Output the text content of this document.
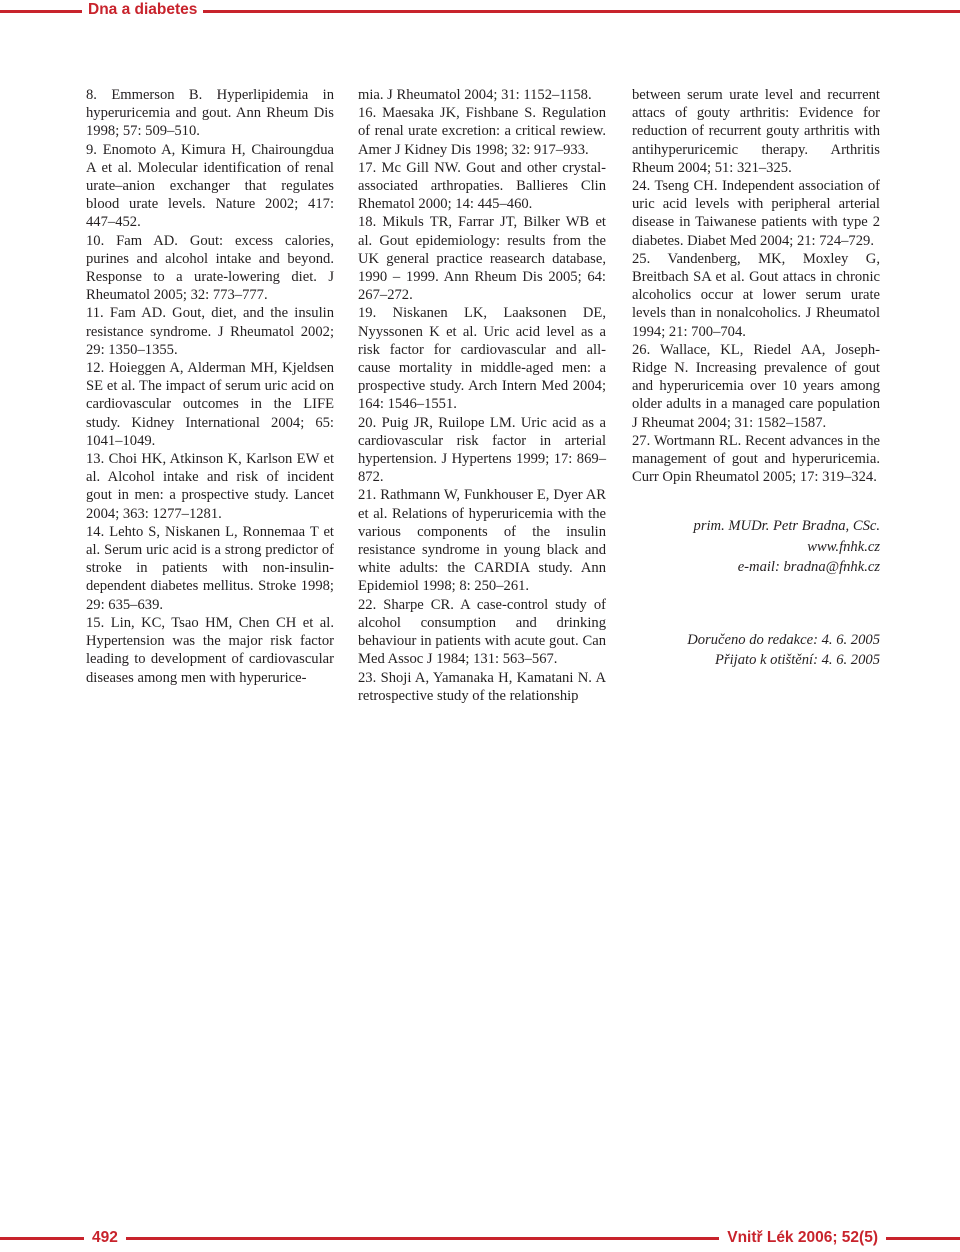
Dna a diabetes

8. Emmerson B. Hyperlipidemia in hyperuricemia and gout. Ann Rheum Dis 1998; 57: 509–510.

9. Enomoto A, Kimura H, Chairoungdua A et al. Molecular identification of renal urate–anion exchanger that regulates blood urate levels. Nature 2002; 417: 447–452.

10. Fam AD. Gout: excess calories, purines and alcohol intake and beyond. Response to a urate-lowering diet. J Rheumatol 2005; 32: 773–777.

11. Fam AD. Gout, diet, and the insulin resistance syndrome. J Rheumatol 2002; 29: 1350–1355.

12. Hoieggen A, Alderman MH, Kjeldsen SE et al. The impact of serum uric acid on cardiovascular outcomes in the LIFE study. Kidney International 2004; 65: 1041–1049.

13. Choi HK, Atkinson K, Karlson EW et al. Alcohol intake and risk of incident gout in men: a prospective study. Lancet 2004; 363: 1277–1281.

14. Lehto S, Niskanen L, Ronnemaa T et al. Serum uric acid is a strong predictor of stroke in patients with non-insulin-dependent diabetes mellitus. Stroke 1998; 29: 635–639.

15. Lin, KC, Tsao HM, Chen CH et al. Hypertension was the major risk factor leading to development of cardiovascular diseases among men with hyperurice-

mia. J Rheumatol 2004; 31: 1152–1158.

16. Maesaka JK, Fishbane S. Regulation of renal urate excretion: a critical rewiew. Amer J Kidney Dis 1998; 32: 917–933.

17. Mc Gill NW. Gout and other crystal-associated arthropaties. Ballieres Clin Rhematol 2000; 14: 445–460.

18. Mikuls TR, Farrar JT, Bilker WB et al. Gout epidemiology: results from the UK general practice reasearch database, 1990 – 1999. Ann Rheum Dis 2005; 64: 267–272.

19. Niskanen LK, Laaksonen DE, Nyyssonen K et al. Uric acid level as a risk factor for cardiovascular and all-cause mortality in middle-aged men: a prospective study. Arch Intern Med 2004; 164: 1546–1551.

20. Puig JR, Ruilope LM. Uric acid as a cardiovascular risk factor in arterial hypertension. J Hypertens 1999; 17: 869–872.

21. Rathmann W, Funkhouser E, Dyer AR et al. Relations of hyperuricemia with the various components of the insulin resistance syndrome in young black and white adults: the CARDIA study. Ann Epidemiol 1998; 8: 250–261.

22. Sharpe CR. A case-control study of alcohol consumption and drinking behaviour in patients with acute gout. Can Med Assoc J 1984; 131: 563–567.

23. Shoji A, Yamanaka H, Kamatani N. A retrospective study of the relationship

between serum urate level and recurrent attacs of gouty arthritis: Evidence for reduction of recurrent gouty arthritis with antihyperuricemic therapy. Arthritis Rheum 2004; 51: 321–325.

24. Tseng CH. Independent association of uric acid levels with peripheral arterial disease in Taiwanese patients with type 2 diabetes. Diabet Med 2004; 21: 724–729.

25. Vandenberg, MK, Moxley G, Breitbach SA et al. Gout attacs in chronic alcoholics occur at lower serum urate levels than in nonalcoholics. J Rheumatol 1994; 21: 700–704.

26. Wallace, KL, Riedel AA, Joseph-Ridge N. Increasing prevalence of gout and hyperuricemia over 10 years among older adults in a managed care population J Rheumat 2004; 31: 1582–1587.

27. Wortmann RL. Recent advances in the management of gout and hyperuricemia. Curr Opin Rheumatol 2005; 17: 319–324.

prim. MUDr. Petr Bradna, CSc.

www.fnhk.cz

e-mail: bradna@fnhk.cz

Doručeno do redakce: 4. 6. 2005

Přijato k otištění: 4. 6. 2005

492	Vnitř Lék 2006; 52(5)
